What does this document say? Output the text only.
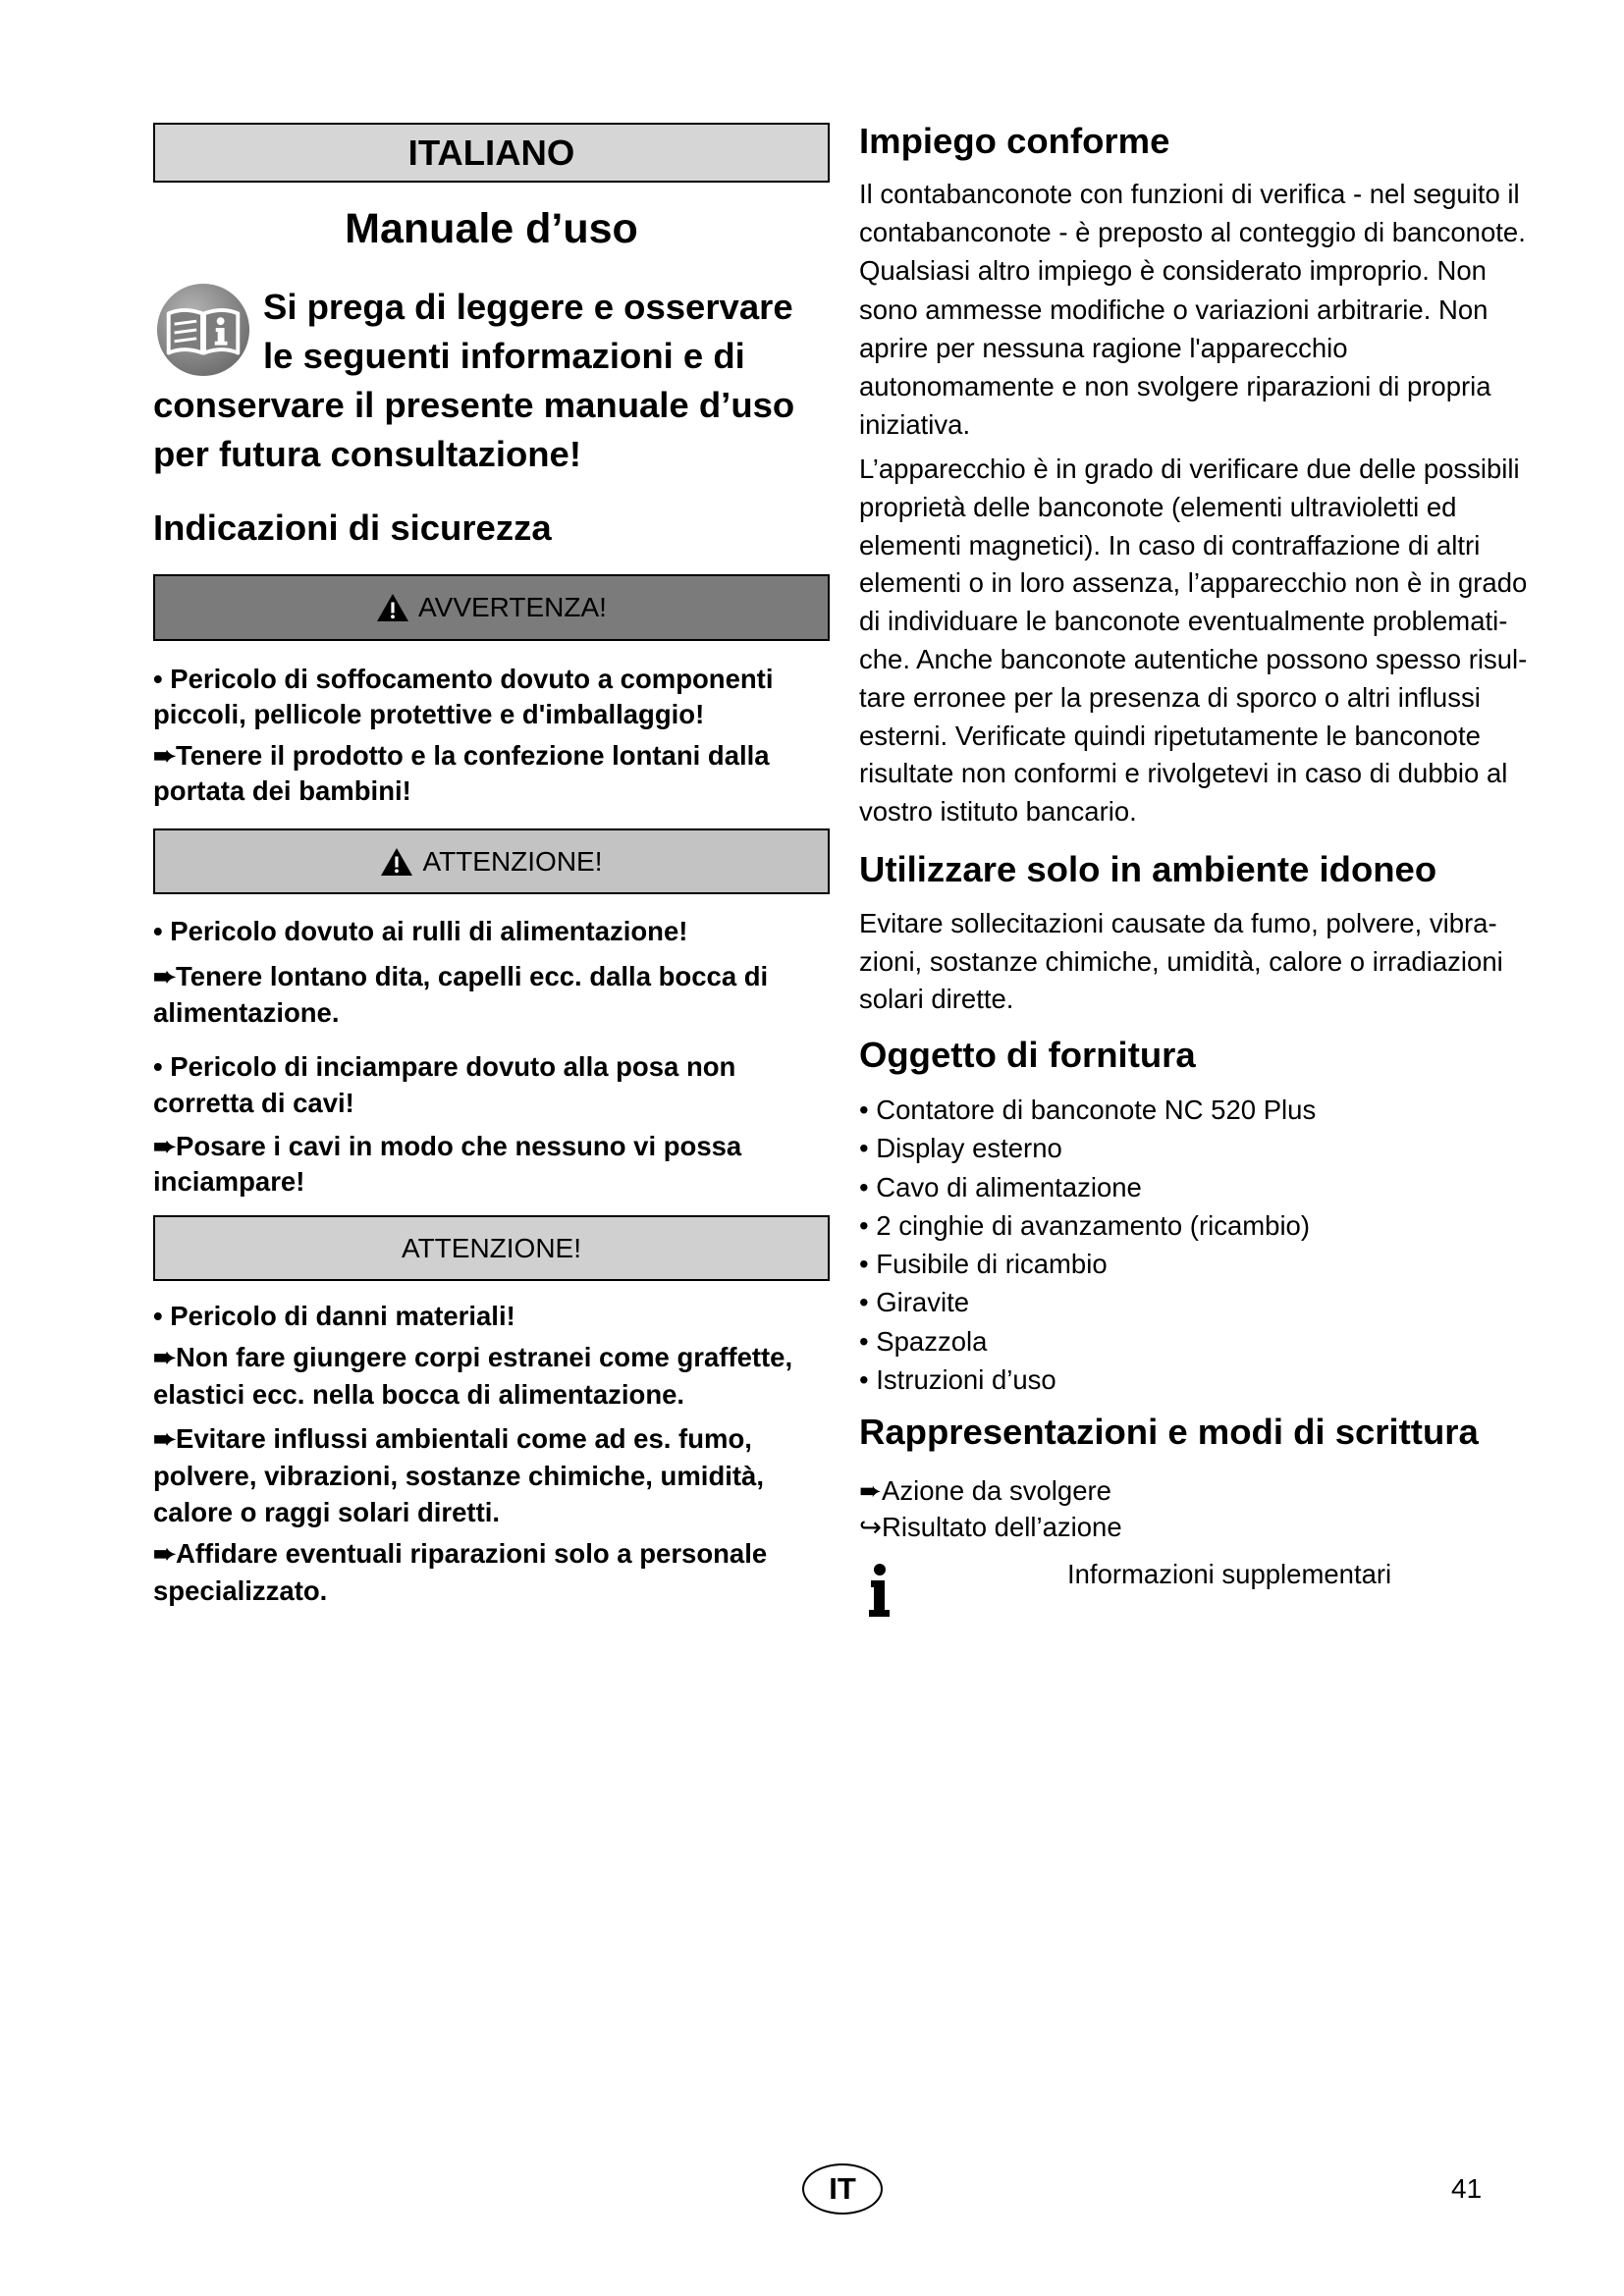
ITALIANO
Manuale d’uso
Si prega di leggere e osservare
le seguenti informazioni e di
conservare il presente manuale d’uso
per futura consultazione!
Indicazioni di sicurezza
AVVERTENZA!
• Pericolo di soffocamento dovuto a componenti
piccoli, pellicole protettive e d'imballaggio!
➨Tenere il prodotto e la confezione lontani dalla
portata dei bambini!
ATTENZIONE!
• Pericolo dovuto ai rulli di alimentazione!
➨Tenere lontano dita, capelli ecc. dalla bocca di
alimentazione.
• Pericolo di inciampare dovuto alla posa non
corretta di cavi!
➨Posare i cavi in modo che nessuno vi possa
inciampare!
ATTENZIONE!
• Pericolo di danni materiali!
➨Non fare giungere corpi estranei come graffette,
elastici ecc. nella bocca di alimentazione.
➨Evitare influssi ambientali come ad es. fumo,
polvere, vibrazioni, sostanze chimiche, umidità,
calore o raggi solari diretti.
➨Affidare eventuali riparazioni solo a personale
specializzato.
Impiego conforme
Il contabanconote con funzioni di verifica - nel seguito il
contabanconote - è preposto al conteggio di banconote.
Qualsiasi altro impiego è considerato improprio. Non
sono ammesse modifiche o variazioni arbitrarie. Non
aprire per nessuna ragione l'apparecchio
autonomamente e non svolgere riparazioni di propria
iniziativa.
L’apparecchio è in grado di verificare due delle possibili
proprietà delle banconote (elementi ultravioletti ed
elementi magnetici). In caso di contraffazione di altri
elementi o in loro assenza, l’apparecchio non è in grado
di individuare le banconote eventualmente problemati-
che. Anche banconote autentiche possono spesso risul-
tare erronee per la presenza di sporco o altri influssi
esterni. Verificate quindi ripetutamente le banconote
risultate non conformi e rivolgetevi in caso di dubbio al
vostro istituto bancario.
Utilizzare solo in ambiente idoneo
Evitare sollecitazioni causate da fumo, polvere, vibra-
zioni, sostanze chimiche, umidità, calore o irradiazioni
solari dirette.
Oggetto di fornitura
• Contatore di banconote NC 520 Plus
• Display esterno
• Cavo di alimentazione
• 2 cinghie di avanzamento (ricambio)
• Fusibile di ricambio
• Giravite
• Spazzola
• Istruzioni d’uso
Rappresentazioni e modi di scrittura
➨Azione da svolgere
↪Risultato dell’azione
Informazioni supplementari
IT	41
